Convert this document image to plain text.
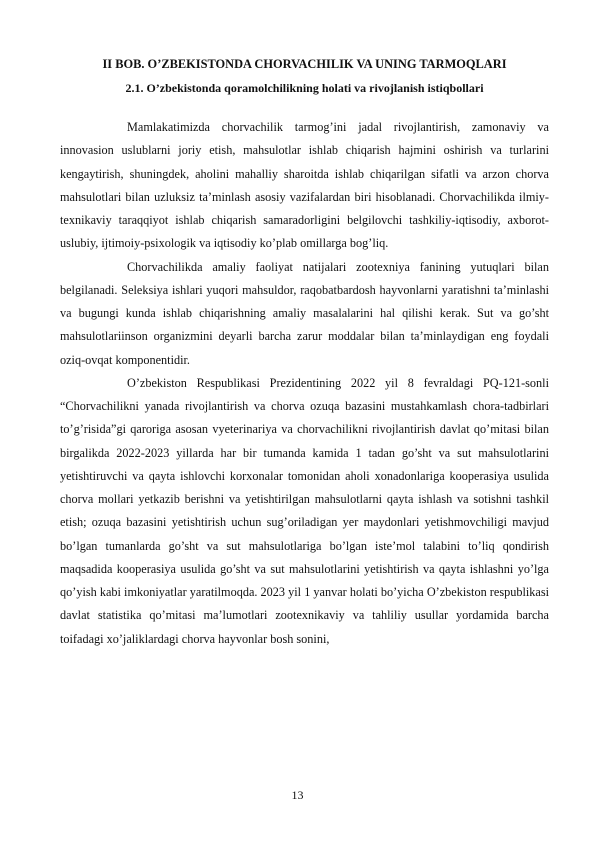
II BOB. O’ZBEKISTONDA CHORVACHILIK VA UNING TARMOQLARI
2.1. O’zbekistonda qoramolchilikning holati va rivojlanish istiqbollari

Mamlakatimizda chorvachilik tarmog’ini jadal rivojlantirish, zamonaviy va innovasion uslublarni joriy etish, mahsulotlar ishlab chiqarish hajmini oshirish va turlarini kengaytirish, shuningdek, aholini mahalliy sharoitda ishlab chiqarilgan sifatli va arzon chorva mahsulotlari bilan uzluksiz ta’minlash asosiy vazifalardan biri hisoblanadi. Chorvachilikda ilmiy-texnikaviy taraqqiyot ishlab chiqarish samaradorligini belgilovchi tashkiliy-iqtisodiy, axborot-uslubiy, ijtimoiy-psixologik va iqtisodiy ko’plab omillarga bog’liq.

Chorvachilikda amaliy faoliyat natijalari zootexniya fanining yutuqlari bilan belgilanadi. Seleksiya ishlari yuqori mahsuldor, raqobatbardosh hayvonlarni yaratishni ta’minlashi va bugungi kunda ishlab chiqarishning amaliy masalalarini hal qilishi kerak. Sut va go’sht mahsulotlariinson organizmini deyarli barcha zarur moddalar bilan ta’minlaydigan eng foydali oziq-ovqat komponentidir.

O’zbekiston Respublikasi Prezidentining 2022 yil 8 fevraldagi PQ-121-sonli “Chorvachilikni yanada rivojlantirish va chorva ozuqa bazasini mustahkamlash chora-tadbirlari to’g’risida”gi qaroriga asosan vyeterinariya va chorvachilikni rivojlantirish davlat qo’mitasi bilan birgalikda 2022-2023 yillarda har bir tumanda kamida 1 tadan go’sht va sut mahsulotlarini yetishtiruvchi va qayta ishlovchi korxonalar tomonidan aholi xonadonlariga kooperasiya usulida chorva mollari yetkazib berishni va yetishtirilgan mahsulotlarni qayta ishlash va sotishni tashkil etish; ozuqa bazasini yetishtirish uchun sug’oriladigan yer maydonlari yetishmovchiligi mavjud bo’lgan tumanlarda go’sht va sut mahsulotlariga bo’lgan iste’mol talabini to’liq qondirish maqsadida kooperasiya usulida go’sht va sut mahsulotlarini yetishtirish va qayta ishlashni yo’lga qo’yish kabi imkoniyatlar yaratilmoqda. 2023 yil 1 yanvar holati bo’yicha O’zbekiston respublikasi davlat statistika qo’mitasi ma’lumotlari zootexnikaviy va tahliliy usullar yordamida barcha toifadagi xo’jaliklardagi chorva hayvonlar bosh sonini,

13
